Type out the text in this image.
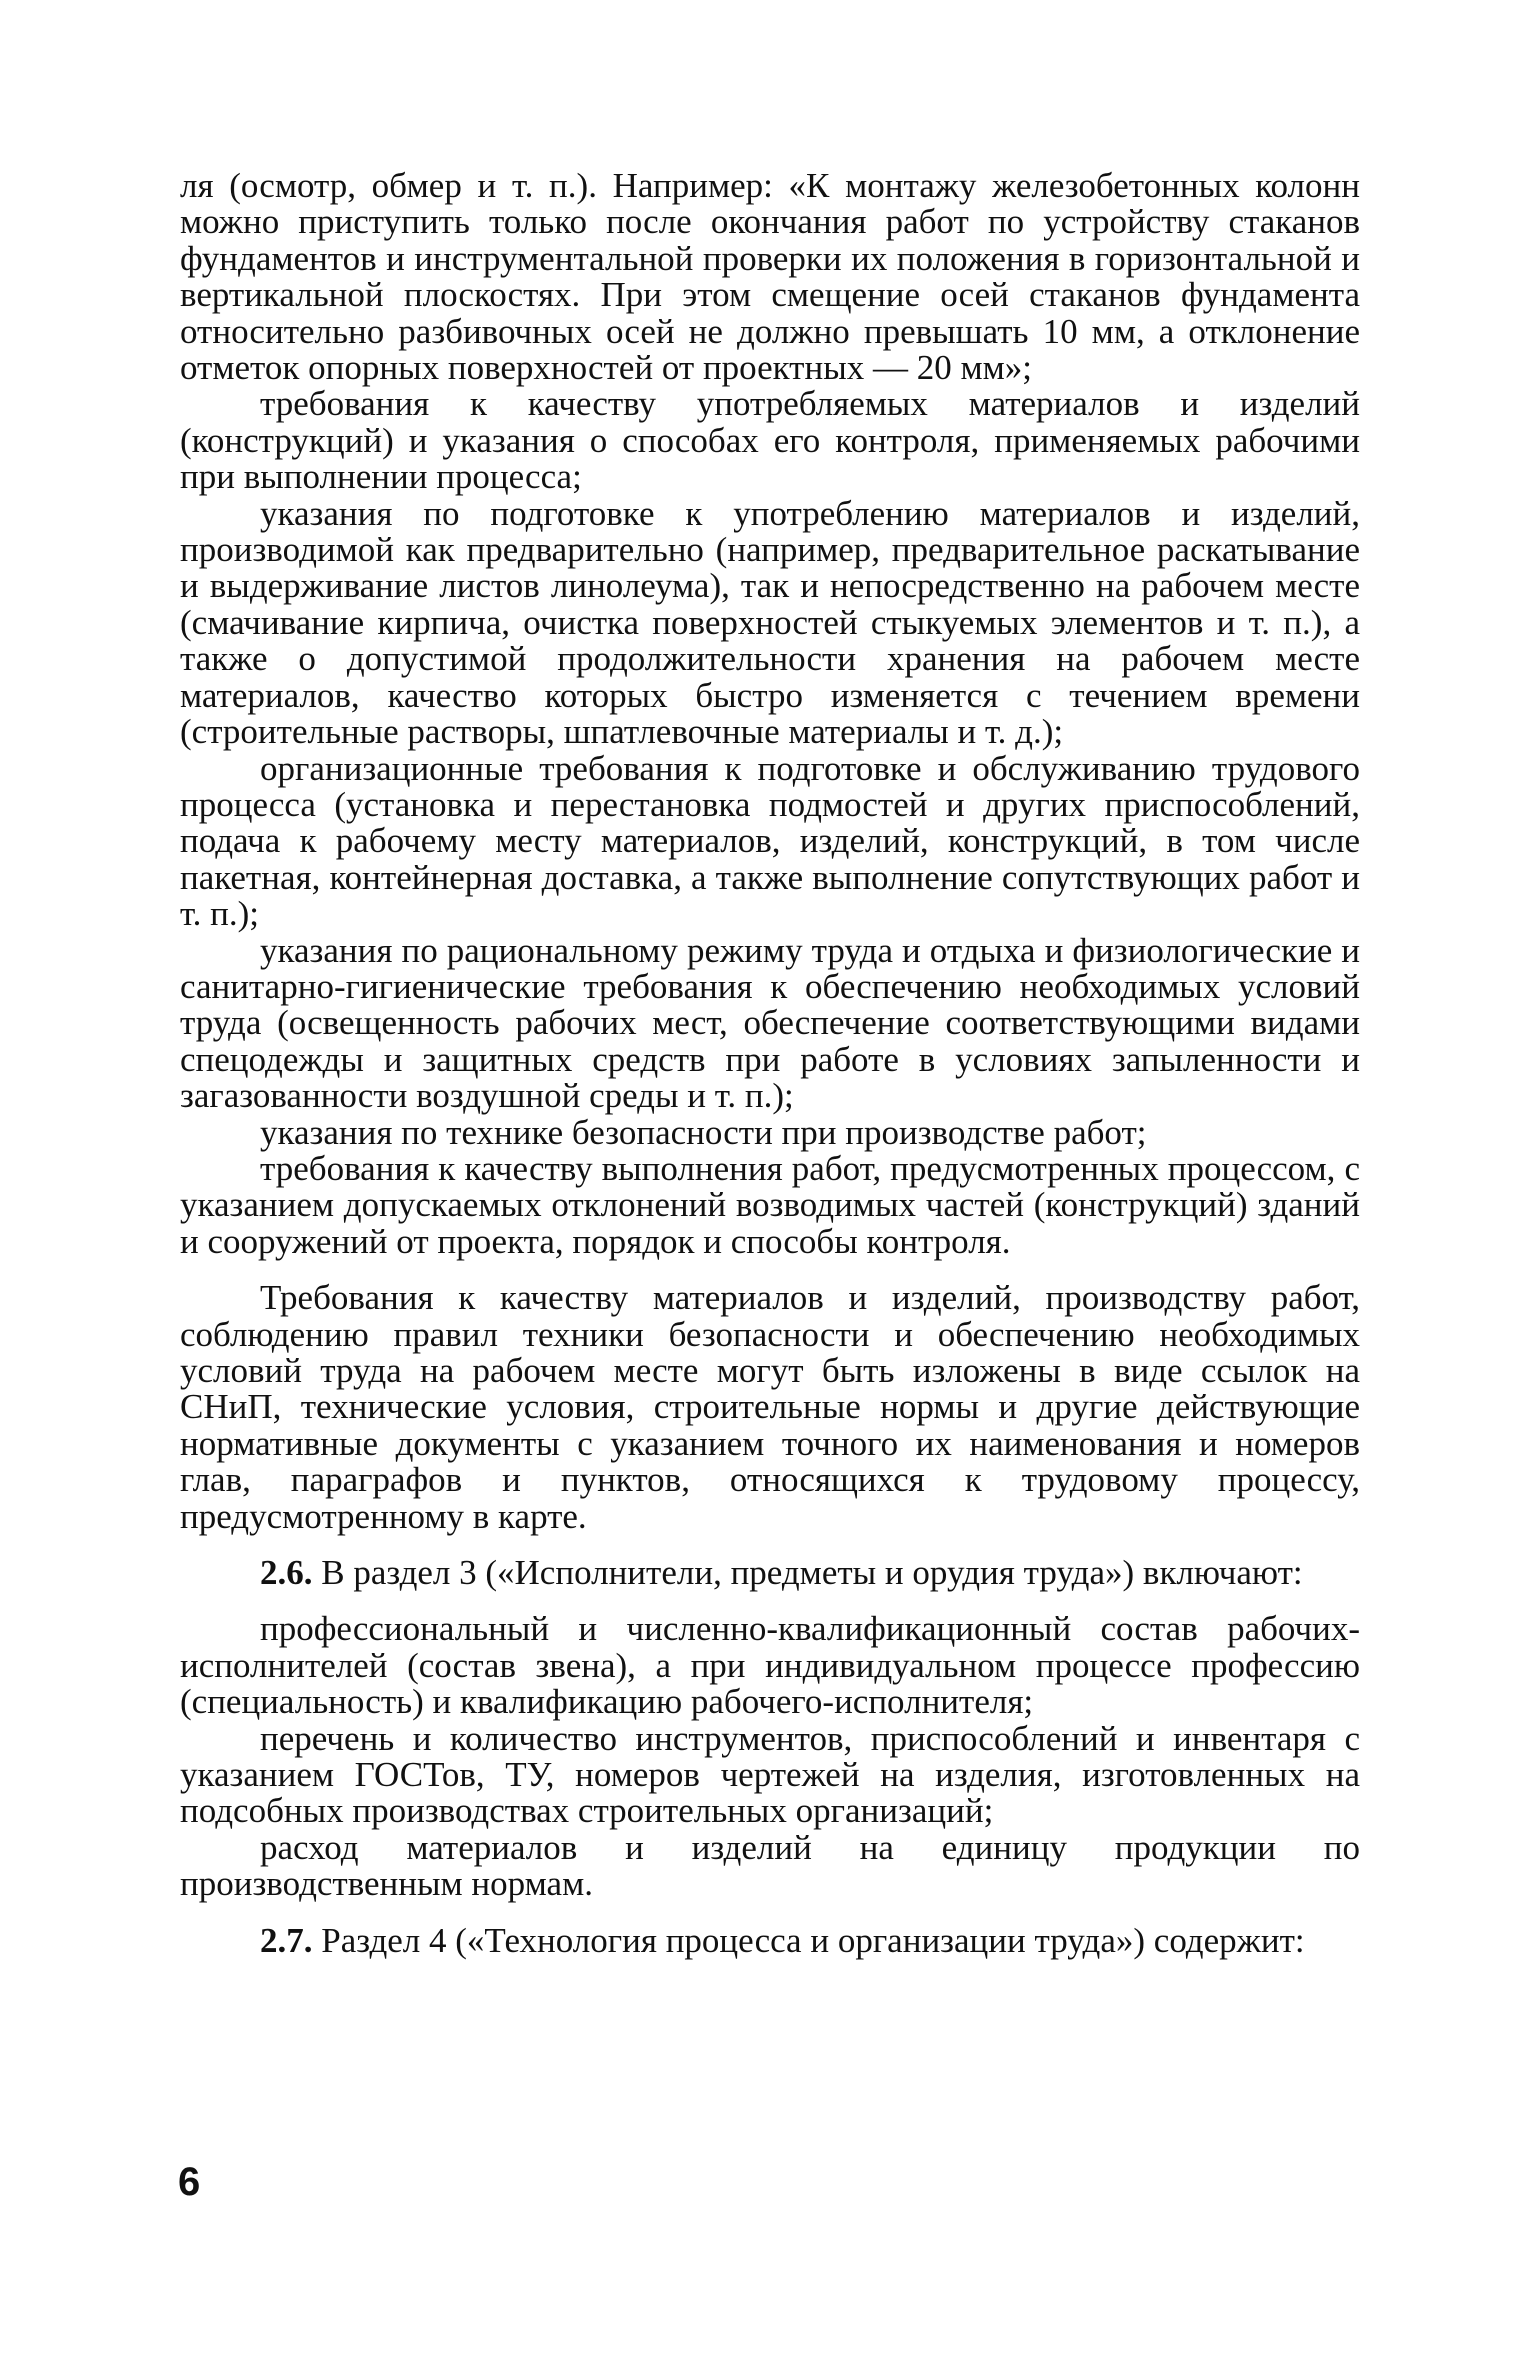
ля (осмотр, обмер и т. п.). Например: «К монтажу железобетонных колонн можно приступить только после окончания работ по устройству стаканов фундаментов и инструментальной проверки их положения в горизонтальной и вертикальной плоскостях. При этом смещение осей стаканов фундамента относительно разбивочных осей не должно превышать 10 мм, а отклонение отметок опорных поверхностей от проектных — 20 мм»;

требования к качеству употребляемых материалов и изделий (конструкций) и указания о способах его контроля, применяемых рабочими при выполнении процесса;

указания по подготовке к употреблению материалов и изделий, производимой как предварительно (например, предварительное раскатывание и выдерживание листов линолеума), так и непосредственно на рабочем месте (смачивание кирпича, очистка поверхностей стыкуемых элементов и т. п.), а также о допустимой продолжительности хранения на рабочем месте материалов, качество которых быстро изменяется с течением времени (строительные растворы, шпатлевочные материалы и т. д.);

организационные требования к подготовке и обслуживанию трудового процесса (установка и перестановка подмостей и других приспособлений, подача к рабочему месту материалов, изделий, конструкций, в том числе пакетная, контейнерная доставка, а также выполнение сопутствующих работ и т. п.);

указания по рациональному режиму труда и отдыха и физиологические и санитарно-гигиенические требования к обеспечению необходимых условий труда (освещенность рабочих мест, обеспечение соответствующими видами спецодежды и защитных средств при работе в условиях запыленности и загазованности воздушной среды и т. п.);

указания по технике безопасности при производстве работ;

требования к качеству выполнения работ, предусмотренных процессом, с указанием допускаемых отклонений возводимых частей (конструкций) зданий и сооружений от проекта, порядок и способы контроля.

Требования к качеству материалов и изделий, производству работ, соблюдению правил техники безопасности и обеспечению необходимых условий труда на рабочем месте могут быть изложены в виде ссылок на СНиП, технические условия, строительные нормы и другие действующие нормативные документы с указанием точного их наименования и номеров глав, параграфов и пунктов, относящихся к трудовому процессу, предусмотренному в карте.

2.6. В раздел 3 («Исполнители, предметы и орудия труда») включают:

профессиональный и численно-квалификационный состав рабочих-исполнителей (состав звена), а при индивидуальном процессе профессию (специальность) и квалификацию рабочего-исполнителя;

перечень и количество инструментов, приспособлений и инвентаря с указанием ГОСТов, ТУ, номеров чертежей на изделия, изготовленных на подсобных производствах строительных организаций;

расход материалов и изделий на единицу продукции по производственным нормам.

2.7. Раздел 4 («Технология процесса и организации труда») содержит:

6
